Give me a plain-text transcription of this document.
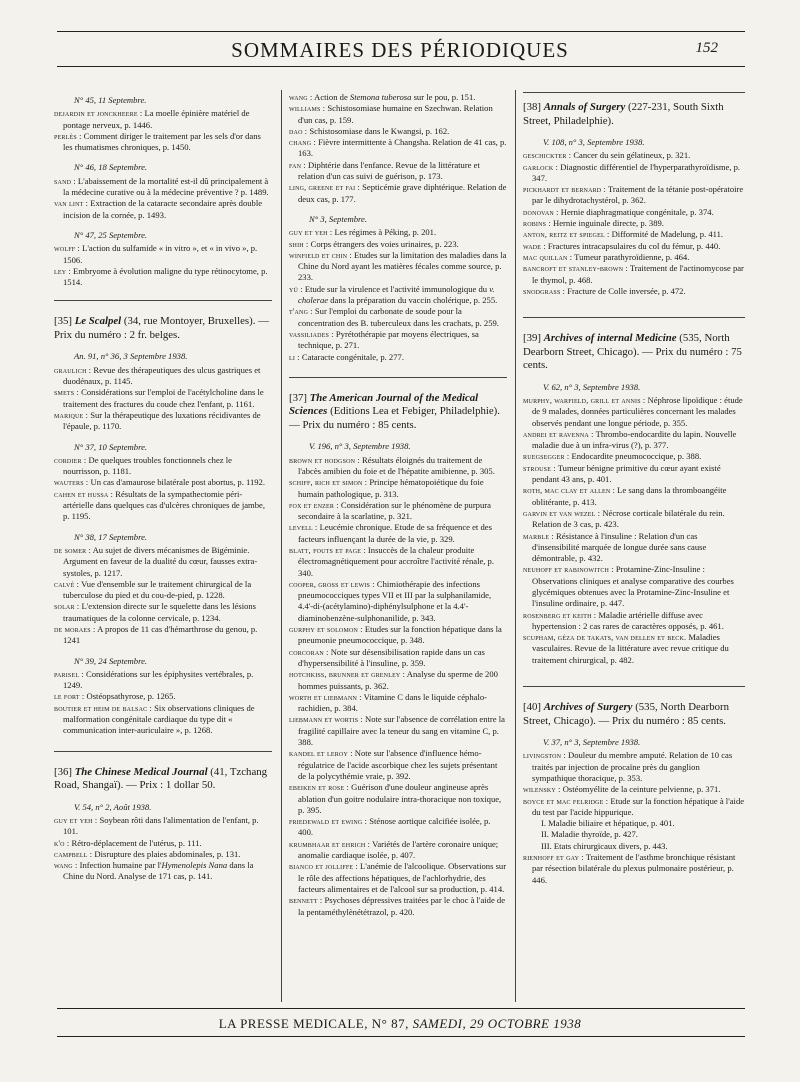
SOMMAIRES DES PÉRIODIQUES	152
N° 45, 11 Septembre.

dejardin et jonckheere : La moelle épinière matériel de pontage nerveux, p. 1446.

perlès : Comment diriger le traitement par les sels d'or dans les rhumatismes chroniques, p. 1450.

N° 46, 18 Septembre.

sand : L'abaissement de la mortalité est-il dû principalement à la médecine curative ou à la médecine préventive ? p. 1489.

van lint : Extraction de la cataracte secondaire après double incision de la cornée, p. 1493.

N° 47, 25 Septembre.

wolff : L'action du sulfamide « in vitro », et « in vivo », p. 1506.

ley : Embryome à évolution maligne du type rétinocytome, p. 1514.

[35] Le Scalpel (34, rue Montoyer, Bruxelles). — Prix du numéro : 2 fr. belges.

An. 91, n° 36, 3 Septembre 1938.

graulich : Revue des thérapeutiques des ulcus gastriques et duodénaux, p. 1145.

smets : Considérations sur l'emploi de l'acétylcholine dans le traitement des fractures du coude chez l'enfant, p. 1161.

marique : Sur la thérapeutique des luxations récidivantes de l'épaule, p. 1170.

N° 37, 10 Septembre.

cordier : De quelques troubles fonctionnels chez le nourrisson, p. 1181.

wauters : Un cas d'amaurose bilatérale post abortus, p. 1192.

cahen et hussa : Résultats de la sympathectomie péri-artérielle dans quelques cas d'ulcères chroniques de jambe, p. 1195.

N° 38, 17 Septembre.

de somer : Au sujet de divers mécanismes de Bigéminie. Argument en faveur de la dualité du cœur, fausses extra-systoles, p. 1217.

calvé : Vue d'ensemble sur le traitement chirurgical de la tuberculose du pied et du cou-de-pied, p. 1228.

solar : L'extension directe sur le squelette dans les lésions traumatiques de la colonne cervicale, p. 1234.

de moraes : A propos de 11 cas d'hémarthrose du genou, p. 1241

N° 39, 24 Septembre.

parisel : Considérations sur les épiphysites vertébrales, p. 1249.

le fort : Ostéopsathyrose, p. 1265.

boutier et heim de balsac : Six observations cliniques de malformation congénitale cardiaque du type dit « communication inter-auriculaire », p. 1268.

[36] The Chinese Medical Journal (41, Tzchang Road, Shangaï). — Prix : 1 dollar 50.

V. 54, n° 2, Août 1938.

guy et yeh : Soybean rôti dans l'alimentation de l'enfant, p. 101.

k'o : Rétro-déplacement de l'utérus, p. 111.

campbell : Disrupture des plaies abdominales, p. 131.

wang : Infection humaine par l'Hymenolepis Nana dans la Chine du Nord. Analyse de 171 cas, p. 141.

wang : Action de Stemona tuberosa sur le pou, p. 151.

williams : Schistosomiase humaine en Szechwan. Relation d'un cas, p. 159.

dao : Schistosomiase dans le Kwangsi, p. 162.

chang : Fièvre intermittente à Changsha. Relation de 41 cas, p. 163.

fan : Diphtérie dans l'enfance. Revue de la littérature et relation d'un cas suivi de guérison, p. 173.

ling, greene et fai : Septicémie grave diphtérique. Relation de deux cas, p. 177.

N° 3, Septembre.

guy et yeh : Les régimes à Péking, p. 201.

shih : Corps étrangers des voies urinaires, p. 223.

winfield et chin : Etudes sur la limitation des maladies dans la Chine du Nord ayant les matières fécales comme source, p. 233.

yü : Etude sur la virulence et l'activité immunologique du v. cholerae dans la préparation du vaccin cholérique, p. 255.

t'ang : Sur l'emploi du carbonate de soude pour la concentration des B. tuberculeux dans les crachats, p. 259.

vassiliades : Pyrétothérapie par moyens électriques, sa technique, p. 271.

li : Cataracte congénitale, p. 277.

[37] The American Journal of the Medical Sciences (Editions Lea et Febiger, Philadelphie). — Prix du numéro : 85 cents.

V. 196, n° 3, Septembre 1938.

brown et hodgson : Résultats éloignés du traitement de l'abcès amibien du foie et de l'hépatite amibienne, p. 305.

schiff, rich et simon : Principe hématopoiétique du foie humain pathologique, p. 313.

fox et enzer : Considération sur le phénomène de purpura secondaire à la scarlatine, p. 321.

levell : Leucémie chronique. Etude de sa fréquence et des facteurs influençant la durée de la vie, p. 329.

blatt, fouts et page : Insuccès de la chaleur produite électromagnétiquement pour accroître l'activité rénale, p. 340.

cooper, gross et lewis : Chimiothérapie des infections pneumococciques types VII et III par la sulphanilamide, 4.4'-di-(acétylamino)-diphénylsulphone et la 4.4'-diaminobenzène-sulphonanilide, p. 343.

gurphy et solomon : Etudes sur la fonction hépatique dans la pneumonie pneumococcique, p. 348.

corcoran : Note sur désensibilisation rapide dans un cas d'hypersensibilité à l'insuline, p. 359.

hotchkiss, brunner et grenley : Analyse du sperme de 200 hommes puissants, p. 362.

worth et liebmann : Vitamine C dans le liquide céphalo-rachidien, p. 384.

liebmann et wortis : Note sur l'absence de corrélation entre la fragilité capillaire avec la teneur du sang en vitamine C, p. 388.

kandel et leroy : Note sur l'absence d'influence hémo-régulatrice de l'acide ascorbique chez les sujets présentant de la polycythémie vraie, p. 392.

ebeiken et rose : Guérison d'une douleur angineuse après ablation d'un goitre nodulaire intra-thoracique non toxique, p. 395.

friedewald et ewing : Sténose aortique calcifiée isolée, p. 400.

krumbhaar et ehrich : Variétés de l'artère coronaire unique; anomalie cardiaque isolée, p. 407.

bianco et jolliffe : L'anémie de l'alcoolique. Observations sur le rôle des affections hépatiques, de l'achlorhydrie, des facteurs alimentaires et de l'alcool sur sa production, p. 414.

bennett : Psychoses dépressives traitées par le choc à l'aide de la pentaméthylènététrazol, p. 420.

[38] Annals of Surgery (227-231, South Sixth Street, Philadelphie).

V. 108, n° 3, Septembre 1938.

geschickter : Cancer du sein gélatineux, p. 321.

garlock : Diagnostic différentiel de l'hyperparathyroïdisme, p. 347.

pickhardt et bernard : Traitement de la tétanie post-opératoire par le dihydrotachystérol, p. 362.

donovan : Hernie diaphragmatique congénitale, p. 374.

robins : Hernie inguinale directe, p. 389.

anton, reitz et spiegel : Difformité de Madelung, p. 411.

wade : Fractures intracapsulaires du col du fémur, p. 440.

mac quillan : Tumeur parathyroïdienne, p. 464.

bancroft et stanley-brown : Traitement de l'actinomycose par le thymol, p. 468.

snodgrass : Fracture de Colle inversée, p. 472.

[39] Archives of internal Medicine (535, North Dearborn Street, Chicago). — Prix du numéro : 75 cents.

V. 62, n° 3, Septembre 1938.

murphy, warfield, grill et annis : Néphrose lipoïdique : étude de 9 malades, données particulières concernant les malades observés pendant une longue période, p. 355.

andrei et ravenna : Thrombo-endocardite du lapin. Nouvelle maladie due à un infra-virus (?), p. 377.

ruegsegger : Endocardite pneumococcique, p. 388.

strouse : Tumeur bénigne primitive du cœur ayant existé pendant 43 ans, p. 401.

roth, mac clay et allen : Le sang dans la thromboangéite oblitérante, p. 413.

garvin et van wezel : Nécrose corticale bilatérale du rein. Relation de 3 cas, p. 423.

marble : Résistance à l'insuline : Relation d'un cas d'insensibilité marquée de longue durée sans cause démontrable, p. 432.

neuhoff et rabinowitch : Protamine-Zinc-Insuline : Observations cliniques et analyse comparative des courbes glycémiques obtenues avec la Protamine-Zinc-Insuline et l'insuline ordinaire, p. 447.

rosenberg et keith : Maladie artérielle diffuse avec hypertension : 2 cas rares de caractères opposés, p. 461.

scupham, géza de takats, van dellen et beck. Maladies vasculaires. Revue de la littérature avec revue critique du traitement chirurgical, p. 482.

[40] Archives of Surgery (535, North Dearborn Street, Chicago). — Prix du numéro : 85 cents.

V. 37, n° 3, Septembre 1938.

livingston : Douleur du membre amputé. Relation de 10 cas traités par injection de procaïne près du ganglion sympathique thoracique, p. 353.

wilensky : Ostéomyélite de la ceinture pelvienne, p. 371.

boyce et mac felridge : Etude sur la fonction hépatique à l'aide du test par l'acide hippurique.

I. Maladie biliaire et hépatique, p. 401.

II. Maladie thyroïde, p. 427.

III. Etats chirurgicaux divers, p. 443.

rienhoff et gay : Traitement de l'asthme bronchique résistant par résection bilatérale du plexus pulmonaire postérieur, p. 446.

LA PRESSE MEDICALE, N° 87, SAMEDI, 29 OCTOBRE 1938
